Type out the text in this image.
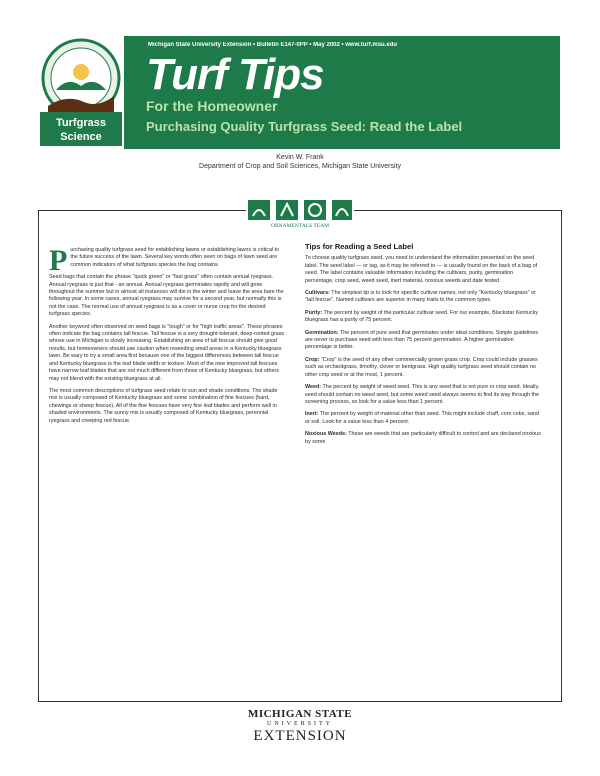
Turfgrass
Science
Michigan State University Extension • Bulletin E147-0PP • May 2002 • www.turf.msu.edu
Turf Tips
For the Homeowner
Purchasing Quality Turfgrass Seed: Read the Label
Kevin W. Frank
Department of Crop and Soil Sciences, Michigan State University

Purchasing quality turfgrass seed for establishing lawns or establishing lawns is critical to the future success of the lawn. Several key words often seen on bags of lawn seed are common indicators of what turfgrass species the bag contains.

Seed bags that contain the phrase "quick green" or "fast grass" often contain annual ryegrass. Annual ryegrass is just that - an annual. Annual ryegrass germinates rapidly and will grow throughout the summer but in almost all instances will die in the winter and leave the area bare the following year. In some cases, annual ryegrass may survive for a second year, but normally this is not the case. The normal use of annual ryegrass is as a cover or nurse crop for the desired turfgrass species.

Another keyword often observed on seed bags is "tough" or for "high traffic areas". These phrases often indicate the bag contains tall fescue. Tall fescue is a very drought-tolerant, deep-rooted grass whose use in Michigan is slowly increasing. Establishing an area of tall fescue should give good results, but homeowners should use caution when reseeding small areas in a Kentucky bluegrass lawn. Be wary to try a small area first because one of the biggest differences between tall fescue and Kentucky bluegrass is the leaf blade width or texture. Most of the new improved tall fescues have narrow leaf blades that are not much different from those of Kentucky bluegrass, but others may not blend with the existing bluegrass at all.

The most common descriptions of turfgrass seed relate to sun and shade conditions. The shade mix is usually composed of Kentucky bluegrass and some combination of fine fescues (hard, chewings or sheep fescue). All of the fine fescues have very fine leaf blades and perform well in shaded environments. The sunny mix is usually composed of Kentucky bluegrass, perennial ryegrass and creeping red fescue.

Tips for Reading a Seed Label

To choose quality turfgrass seed, you need to understand the information presented on the seed label. The seed label — or tag, as it may be referred to — is usually found on the back of a bag of seed. The label contains valuable information including the cultivars, purity, germination percentage, crop seed, weed seed, inert material, noxious weeds and date tested.

Cultivars: The simplest tip is to look for specific cultivar names, not only "Kentucky bluegrass" or "tall fescue". Named cultivars are superior in many traits to the common types.

Purity: The percent by weight of the particular cultivar seed. For our example, Blackstar Kentucky bluegrass has a purity of 75 percent.

Germination: The percent of pure seed that germinates under ideal conditions. Simple guidelines are never to purchase seed with less than 75 percent germination. A higher germination percentage is better.

Crop: "Crop" is the seed of any other commercially grown grass crop. Crop could include grasses such as orchardgrass, timothy, clover or bentgrass. High quality turfgrass seed should contain no other crop seed or at the most, 1 percent.

Weed: The percent by weight of weed seed. This is any seed that is not pure or crop seed. Ideally, seed should contain no weed seed, but some weed seed always seems to find its way through the screening process, so look for a value less than 1 percent.

Inert: The percent by weight of material other than seed. This might include chaff, corn cobs, sand or soil. Look for a value less than 4 percent.

Noxious Weeds: These are weeds that are particularly difficult to control and are declared noxious by some

ORNAMENTALS TEAM
MICHIGAN STATE
UNIVERSITY
EXTENSION
